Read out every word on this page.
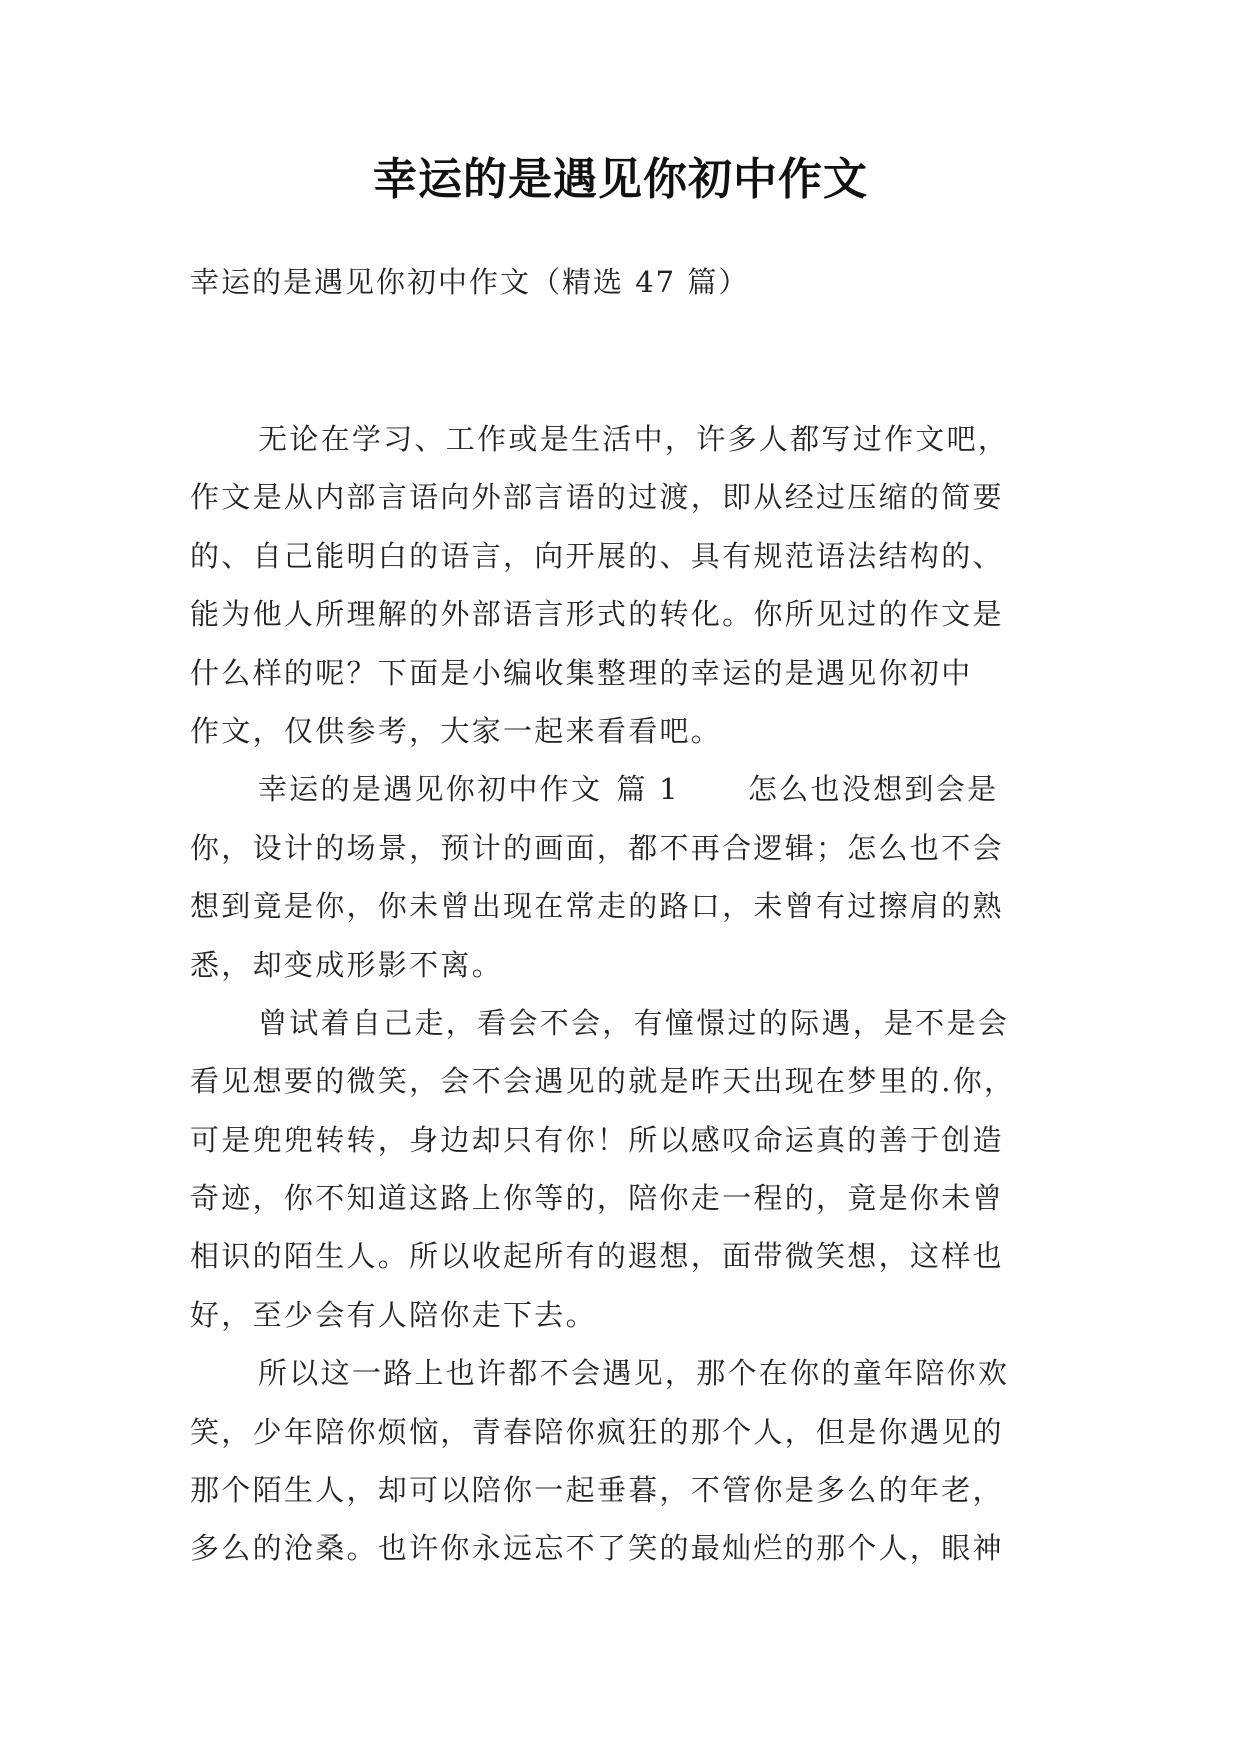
幸运的是遇见你初中作文
幸运的是遇见你初中作文（精选 47 篇）
无论在学习、工作或是生活中，许多人都写过作文吧，
作文是从内部言语向外部言语的过渡，即从经过压缩的简要
的、自己能明白的语言，向开展的、具有规范语法结构的、
能为他人所理解的外部语言形式的转化。你所见过的作文是
什么样的呢？下面是小编收集整理的幸运的是遇见你初中
作文，仅供参考，大家一起来看看吧。
幸运的是遇见你初中作文 篇 1 怎么也没想到会是
你，设计的场景，预计的画面，都不再合逻辑；怎么也不会
想到竟是你，你未曾出现在常走的路口，未曾有过擦肩的熟
悉，却变成形影不离。
曾试着自己走，看会不会，有憧憬过的际遇，是不是会
看见想要的微笑，会不会遇见的就是昨天出现在梦里的.你，
可是兜兜转转，身边却只有你！所以感叹命运真的善于创造
奇迹，你不知道这路上你等的，陪你走一程的，竟是你未曾
相识的陌生人。所以收起所有的遐想，面带微笑想，这样也
好，至少会有人陪你走下去。
所以这一路上也许都不会遇见，那个在你的童年陪你欢
笑，少年陪你烦恼，青春陪你疯狂的那个人，但是你遇见的
那个陌生人，却可以陪你一起垂暮，不管你是多么的年老，
多么的沧桑。也许你永远忘不了笑的最灿烂的那个人，眼神
